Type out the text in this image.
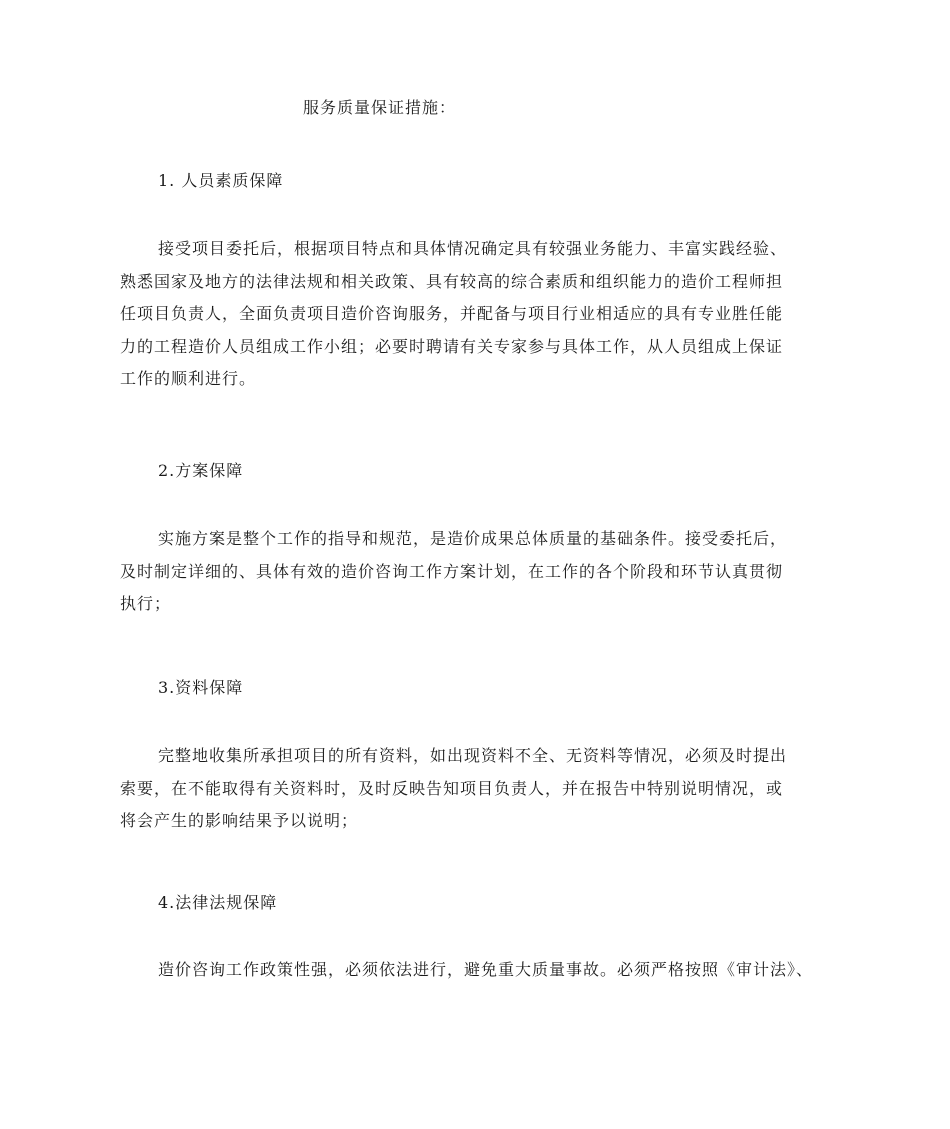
服务质量保证措施：
1. 人员素质保障
接受项目委托后，根据项目特点和具体情况确定具有较强业务能力、丰富实践经验、
熟悉国家及地方的法律法规和相关政策、具有较高的综合素质和组织能力的造价工程师担
任项目负责人，全面负责项目造价咨询服务，并配备与项目行业相适应的具有专业胜任能
力的工程造价人员组成工作小组；必要时聘请有关专家参与具体工作，从人员组成上保证
工作的顺利进行。
2.方案保障
实施方案是整个工作的指导和规范，是造价成果总体质量的基础条件。接受委托后，
及时制定详细的、具体有效的造价咨询工作方案计划，在工作的各个阶段和环节认真贯彻
执行；
3.资料保障
完整地收集所承担项目的所有资料，如出现资料不全、无资料等情况，必须及时提出
索要，在不能取得有关资料时，及时反映告知项目负责人，并在报告中特别说明情况，或
将会产生的影响结果予以说明；
4.法律法规保障
造价咨询工作政策性强，必须依法进行，避免重大质量事故。必须严格按照《审计法》、
